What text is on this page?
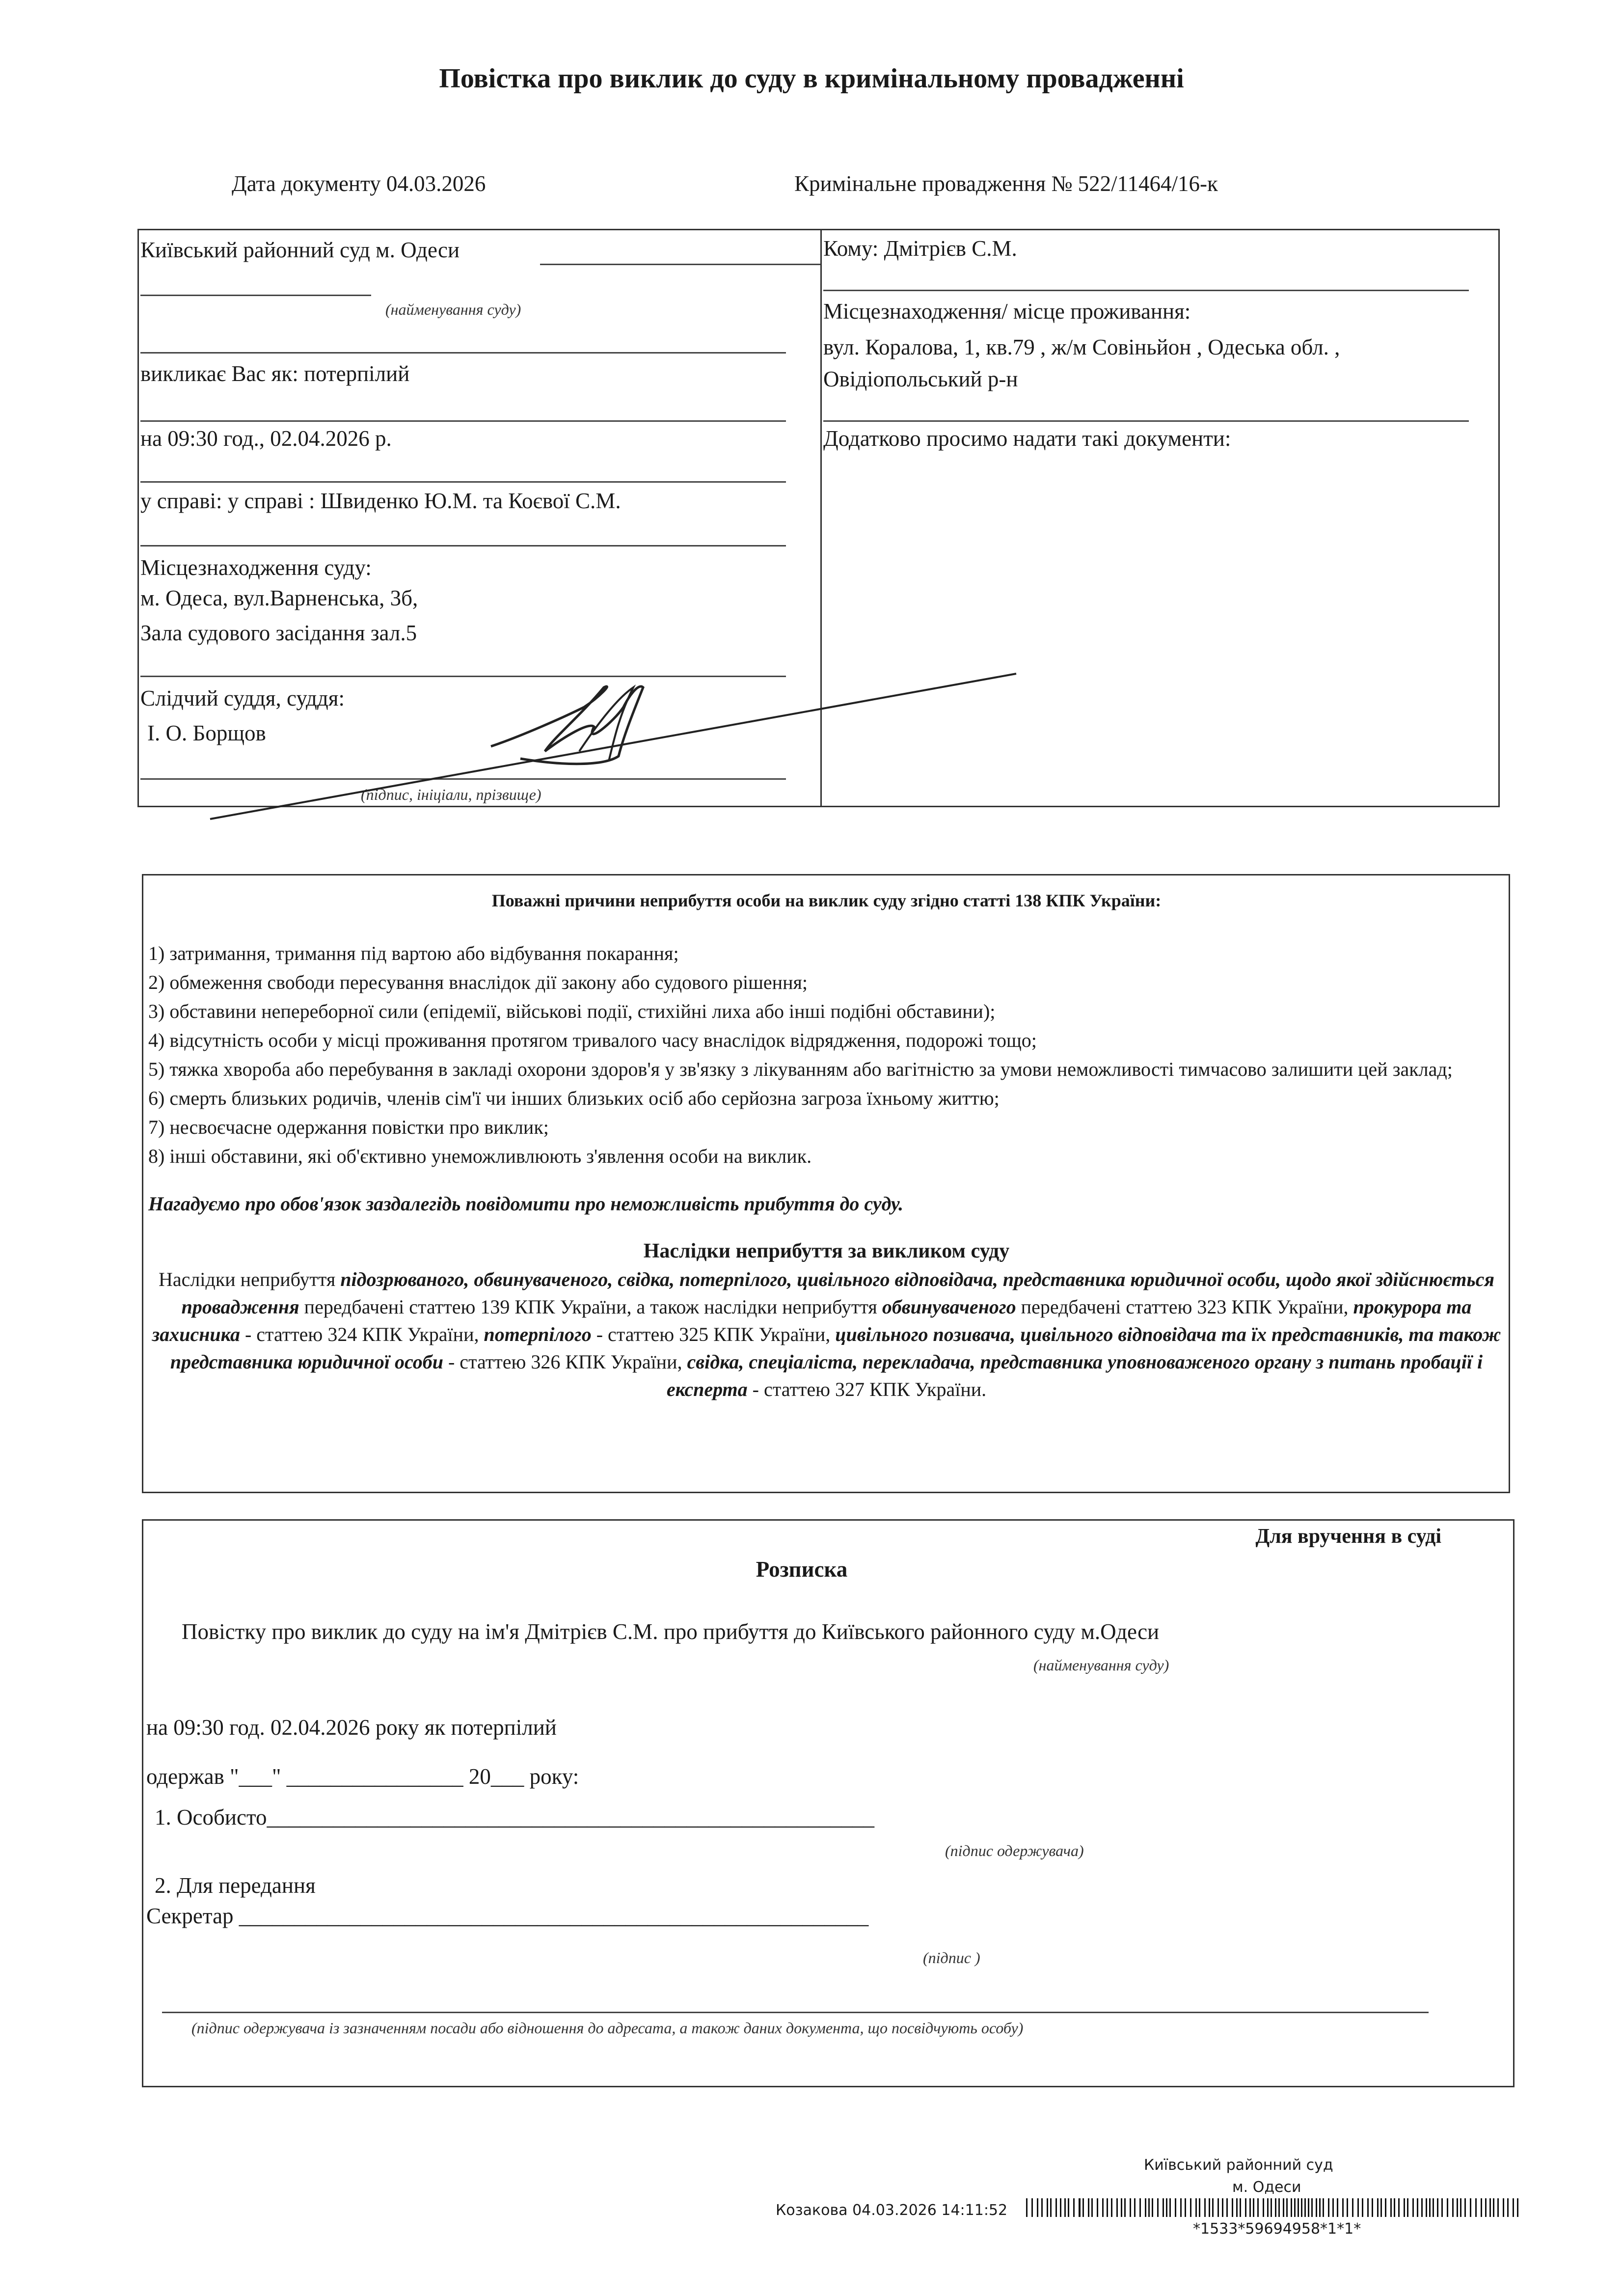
Повістка про виклик до суду в кримінальному провадженні
Дата документу 04.03.2026	Кримінальне провадження № 522/11464/16-к
Київський районний суд м. Одеси
(найменування суду)
викликає Вас як: потерпілий
на 09:30 год., 02.04.2026 р.
у справі: у справі : Швиденко Ю.М. та Коєвої С.М.
Місцезнаходження суду:
м. Одеса, вул.Варненська, 3б,
Зала судового засідання зал.5
Слідчий суддя, суддя:
І. О. Борщов
(підпис, ініціали, прізвище)
Кому: Дмітрієв С.М.
Місцезнаходження/ місце проживання:
вул. Коралова, 1, кв.79 , ж/м Совіньйон , Одеська обл. ,
Овідіопольський р-н
Додатково просимо надати такі документи:
Поважні причини неприбуття особи на виклик суду згідно статті 138 КПК України:
1) затримання, тримання під вартою або відбування покарання;
2) обмеження свободи пересування внаслідок дії закону або судового рішення;
3) обставини непереборної сили (епідемії, військові події, стихійні лиха або інші подібні обставини);
4) відсутність особи у місці проживання протягом тривалого часу внаслідок відрядження, подорожі тощо;
5) тяжка хвороба або перебування в закладі охорони здоров'я у зв'язку з лікуванням або вагітністю за умови неможливості тимчасово залишити цей заклад;
6) смерть близьких родичів, членів сім'ї чи інших близьких осіб або серйозна загроза їхньому життю;
7) несвоєчасне одержання повістки про виклик;
8) інші обставини, які об'єктивно унеможливлюють з'явлення особи на виклик.
Нагадуємо про обов'язок заздалегідь повідомити про неможливість прибуття до суду.
Наслідки неприбуття за викликом суду
Наслідки неприбуття підозрюваного, обвинуваченого, свідка, потерпілого, цивільного відповідача, представника юридичної особи, щодо якої здійснюється провадження передбачені статтею 139 КПК України, а також наслідки неприбуття обвинуваченого передбачені статтею 323 КПК України, прокурора та захисника - статтею 324 КПК України, потерпілого - статтею 325 КПК України, цивільного позивача, цивільного відповідача та їх представників, та також представника юридичної особи - статтею 326 КПК України, свідка, спеціаліста, перекладача, представника уповноваженого органу з питань пробації і експерта - статтею 327 КПК України.
Для вручення в суді
Розписка
Повістку про виклик до суду на ім'я Дмітрієв С.М. про прибуття до Київського районного суду м.Одеси
(найменування суду)
на 09:30 год. 02.04.2026 року як потерпілий
одержав "___" ________________ 20___ року:
1. Особисто_______________________________________________________
(підпис одержувача)
2. Для передання
Секретар _________________________________________________________
(підпис )
(підпис одержувача із зазначенням посади або відношення до адресата, а також даних документа, що посвідчують особу)
Київський районний суд
м. Одеси
Козакова 04.03.2026 14:11:52
*1533*59694958*1*1*
